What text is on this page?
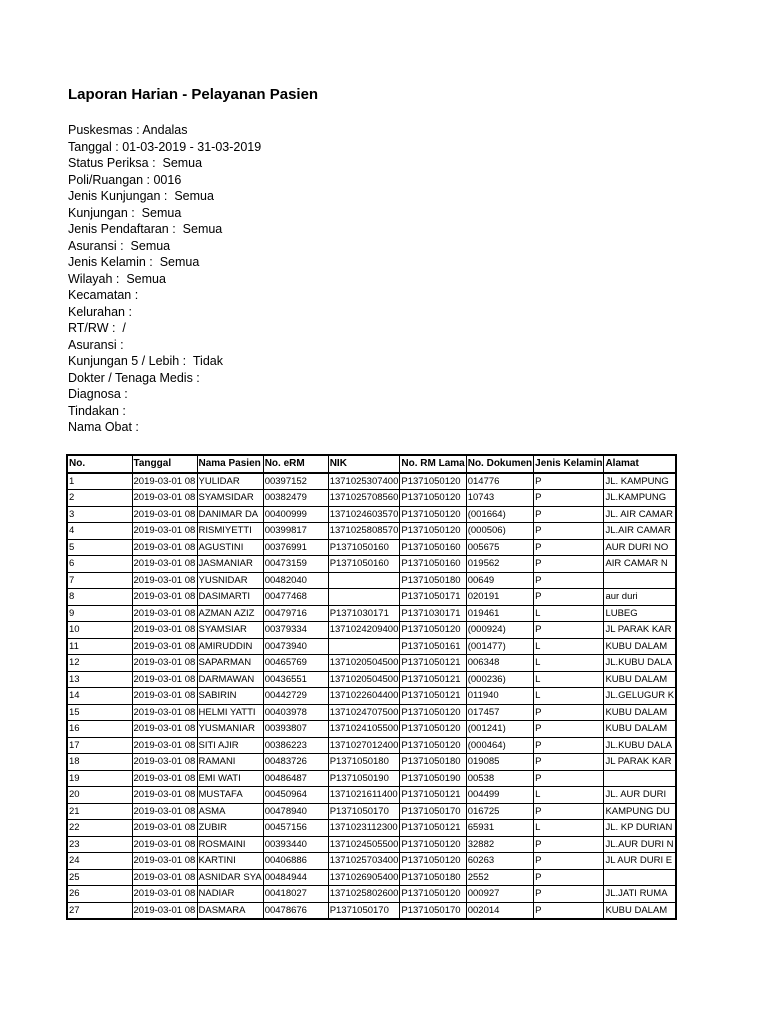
Laporan Harian - Pelayanan Pasien
Puskesmas : Andalas
Tanggal : 01-03-2019 - 31-03-2019
Status Periksa :  Semua
Poli/Ruangan : 0016
Jenis Kunjungan :  Semua
Kunjungan :  Semua
Jenis Pendaftaran :  Semua
Asuransi :  Semua
Jenis Kelamin :  Semua
Wilayah :  Semua
Kecamatan :
Kelurahan :
RT/RW :  /
Asuransi :
Kunjungan 5 / Lebih :  Tidak
Dokter / Tenaga Medis :
Diagnosa :
Tindakan :
Nama Obat :
No.	Tanggal	Nama Pasien	No. eRM	NIK	No. RM Lama	No. Dokumen	Jenis Kelamin	Alamat
1	2019-03-01 08	YULIDAR	00397152	1371025307400	P1371050120	014776	P	JL. KAMPUNG
2	2019-03-01 08	SYAMSIDAR	00382479	1371025708560	P1371050120	10743	P	JL.KAMPUNG
3	2019-03-01 08	DANIMAR DA	00400999	1371024603570	P1371050120	(001664)	P	JL. AIR CAMAR
4	2019-03-01 08	RISMIYETTI	00399817	1371025808570	P1371050120	(000506)	P	JL.AIR CAMAR
5	2019-03-01 08	AGUSTINI	00376991	P1371050160	P1371050160	005675	P	AUR DURI NO
6	2019-03-01 08	JASMANIAR	00473159	P1371050160	P1371050160	019562	P	AIR CAMAR N
7	2019-03-01 08	YUSNIDAR	00482040		P1371050180	00649	P	
8	2019-03-01 08	DASIMARTI	00477468		P1371050171	020191	P	aur duri
9	2019-03-01 08	AZMAN AZIZ	00479716	P1371030171	P1371030171	019461	L	LUBEG
10	2019-03-01 08	SYAMSIAR	00379334	1371024209400	P1371050120	(000924)	P	JL PARAK KAR
11	2019-03-01 08	AMIRUDDIN	00473940		P1371050161	(001477)	L	KUBU DALAM
12	2019-03-01 08	SAPARMAN	00465769	1371020504500	P1371050121	006348	L	JL.KUBU DALA
13	2019-03-01 08	DARMAWAN	00436551	1371020504500	P1371050121	(000236)	L	KUBU DALAM
14	2019-03-01 08	SABIRIN	00442729	1371022604400	P1371050121	011940	L	JL.GELUGUR K
15	2019-03-01 08	HELMI YATTI	00403978	1371024707500	P1371050120	017457	P	KUBU DALAM
16	2019-03-01 08	YUSMANIAR	00393807	1371024105500	P1371050120	(001241)	P	KUBU DALAM
17	2019-03-01 08	SITI AJIR	00386223	1371027012400	P1371050120	(000464)	P	JL.KUBU DALA
18	2019-03-01 08	RAMANI	00483726	P1371050180	P1371050180	019085	P	JL PARAK KAR
19	2019-03-01 08	EMI WATI	00486487	P1371050190	P1371050190	00538	P	
20	2019-03-01 08	MUSTAFA	00450964	1371021611400	P1371050121	004499	L	JL. AUR DURI
21	2019-03-01 08	ASMA	00478940	P1371050170	P1371050170	016725	P	KAMPUNG DU
22	2019-03-01 08	ZUBIR	00457156	1371023112300	P1371050121	65931	L	JL. KP DURIAN
23	2019-03-01 08	ROSMAINI	00393440	1371024505500	P1371050120	32882	P	JL.AUR DURI N
24	2019-03-01 08	KARTINI	00406886	1371025703400	P1371050120	60263	P	JL AUR DURI E
25	2019-03-01 08	ASNIDAR SYA	00484944	1371026905400	P1371050180	2552	P	
26	2019-03-01 08	NADIAR	00418027	1371025802600	P1371050120	000927	P	JL.JATI RUMA
27	2019-03-01 08	DASMARA	00478676	P1371050170	P1371050170	002014	P	KUBU DALAM
